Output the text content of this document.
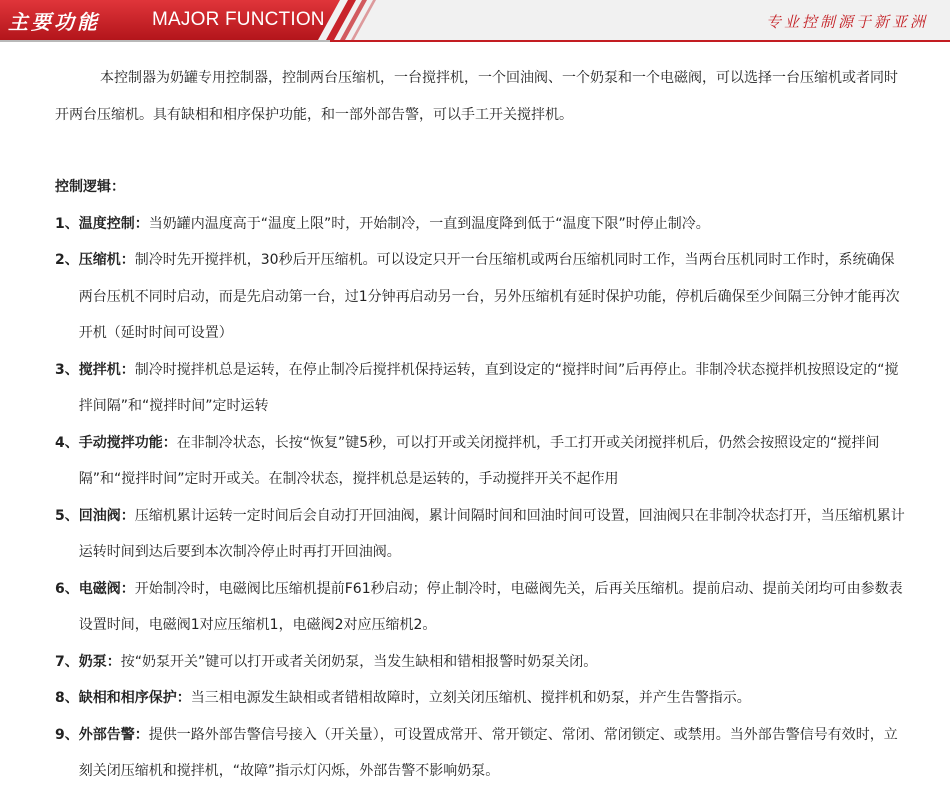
主要功能	MAJOR FUNCTION	专业控制源于新亚洲

本控制器为奶罐专用控制器，控制两台压缩机，一台搅拌机，一个回油阀、一个奶泵和一个电磁阀，可以选择一台压缩机或者同时开两台压缩机。具有缺相和相序保护功能，和一部外部告警，可以手工开关搅拌机。

控制逻辑：
1、 温度控制：当奶罐内温度高于“温度上限”时，开始制冷，一直到温度降到低于“温度下限”时停止制冷。
2、 压缩机：制冷时先开搅拌机，30秒后开压缩机。可以设定只开一台压缩机或两台压缩机同时工作，当两台压机同时工作时，系统确保两台压机不同时启动，而是先启动第一台，过1分钟再启动另一台，另外压缩机有延时保护功能，停机后确保至少间隔三分钟才能再次开机（延时时间可设置）
3、 搅拌机：制冷时搅拌机总是运转，在停止制冷后搅拌机保持运转，直到设定的“搅拌时间”后再停止。非制冷状态搅拌机按照设定的“搅拌间隔”和“搅拌时间”定时运转
4、 手动搅拌功能：在非制冷状态，长按“恢复”键5秒，可以打开或关闭搅拌机，手工打开或关闭搅拌机后，仍然会按照设定的“搅拌间隔”和“搅拌时间”定时开或关。在制冷状态，搅拌机总是运转的，手动搅拌开关不起作用
5、 回油阀：压缩机累计运转一定时间后会自动打开回油阀，累计间隔时间和回油时间可设置，回油阀只在非制冷状态打开，当压缩机累计运转时间到达后要到本次制冷停止时再打开回油阀。
6、 电磁阀：开始制冷时，电磁阀比压缩机提前F61秒启动；停止制冷时，电磁阀先关，后再关压缩机。提前启动、提前关闭均可由参数表设置时间，电磁阀1对应压缩机1，电磁阀2对应压缩机2。
7、 奶泵：按“奶泵开关”键可以打开或者关闭奶泵，当发生缺相和错相报警时奶泵关闭。
8、 缺相和相序保护：当三相电源发生缺相或者错相故障时，立刻关闭压缩机、搅拌机和奶泵，并产生告警指示。
9、 外部告警：提供一路外部告警信号接入（开关量），可设置成常开、常开锁定、常闭、常闭锁定、或禁用。当外部告警信号有效时，立刻关闭压缩机和搅拌机，“故障”指示灯闪烁，外部告警不影响奶泵。
